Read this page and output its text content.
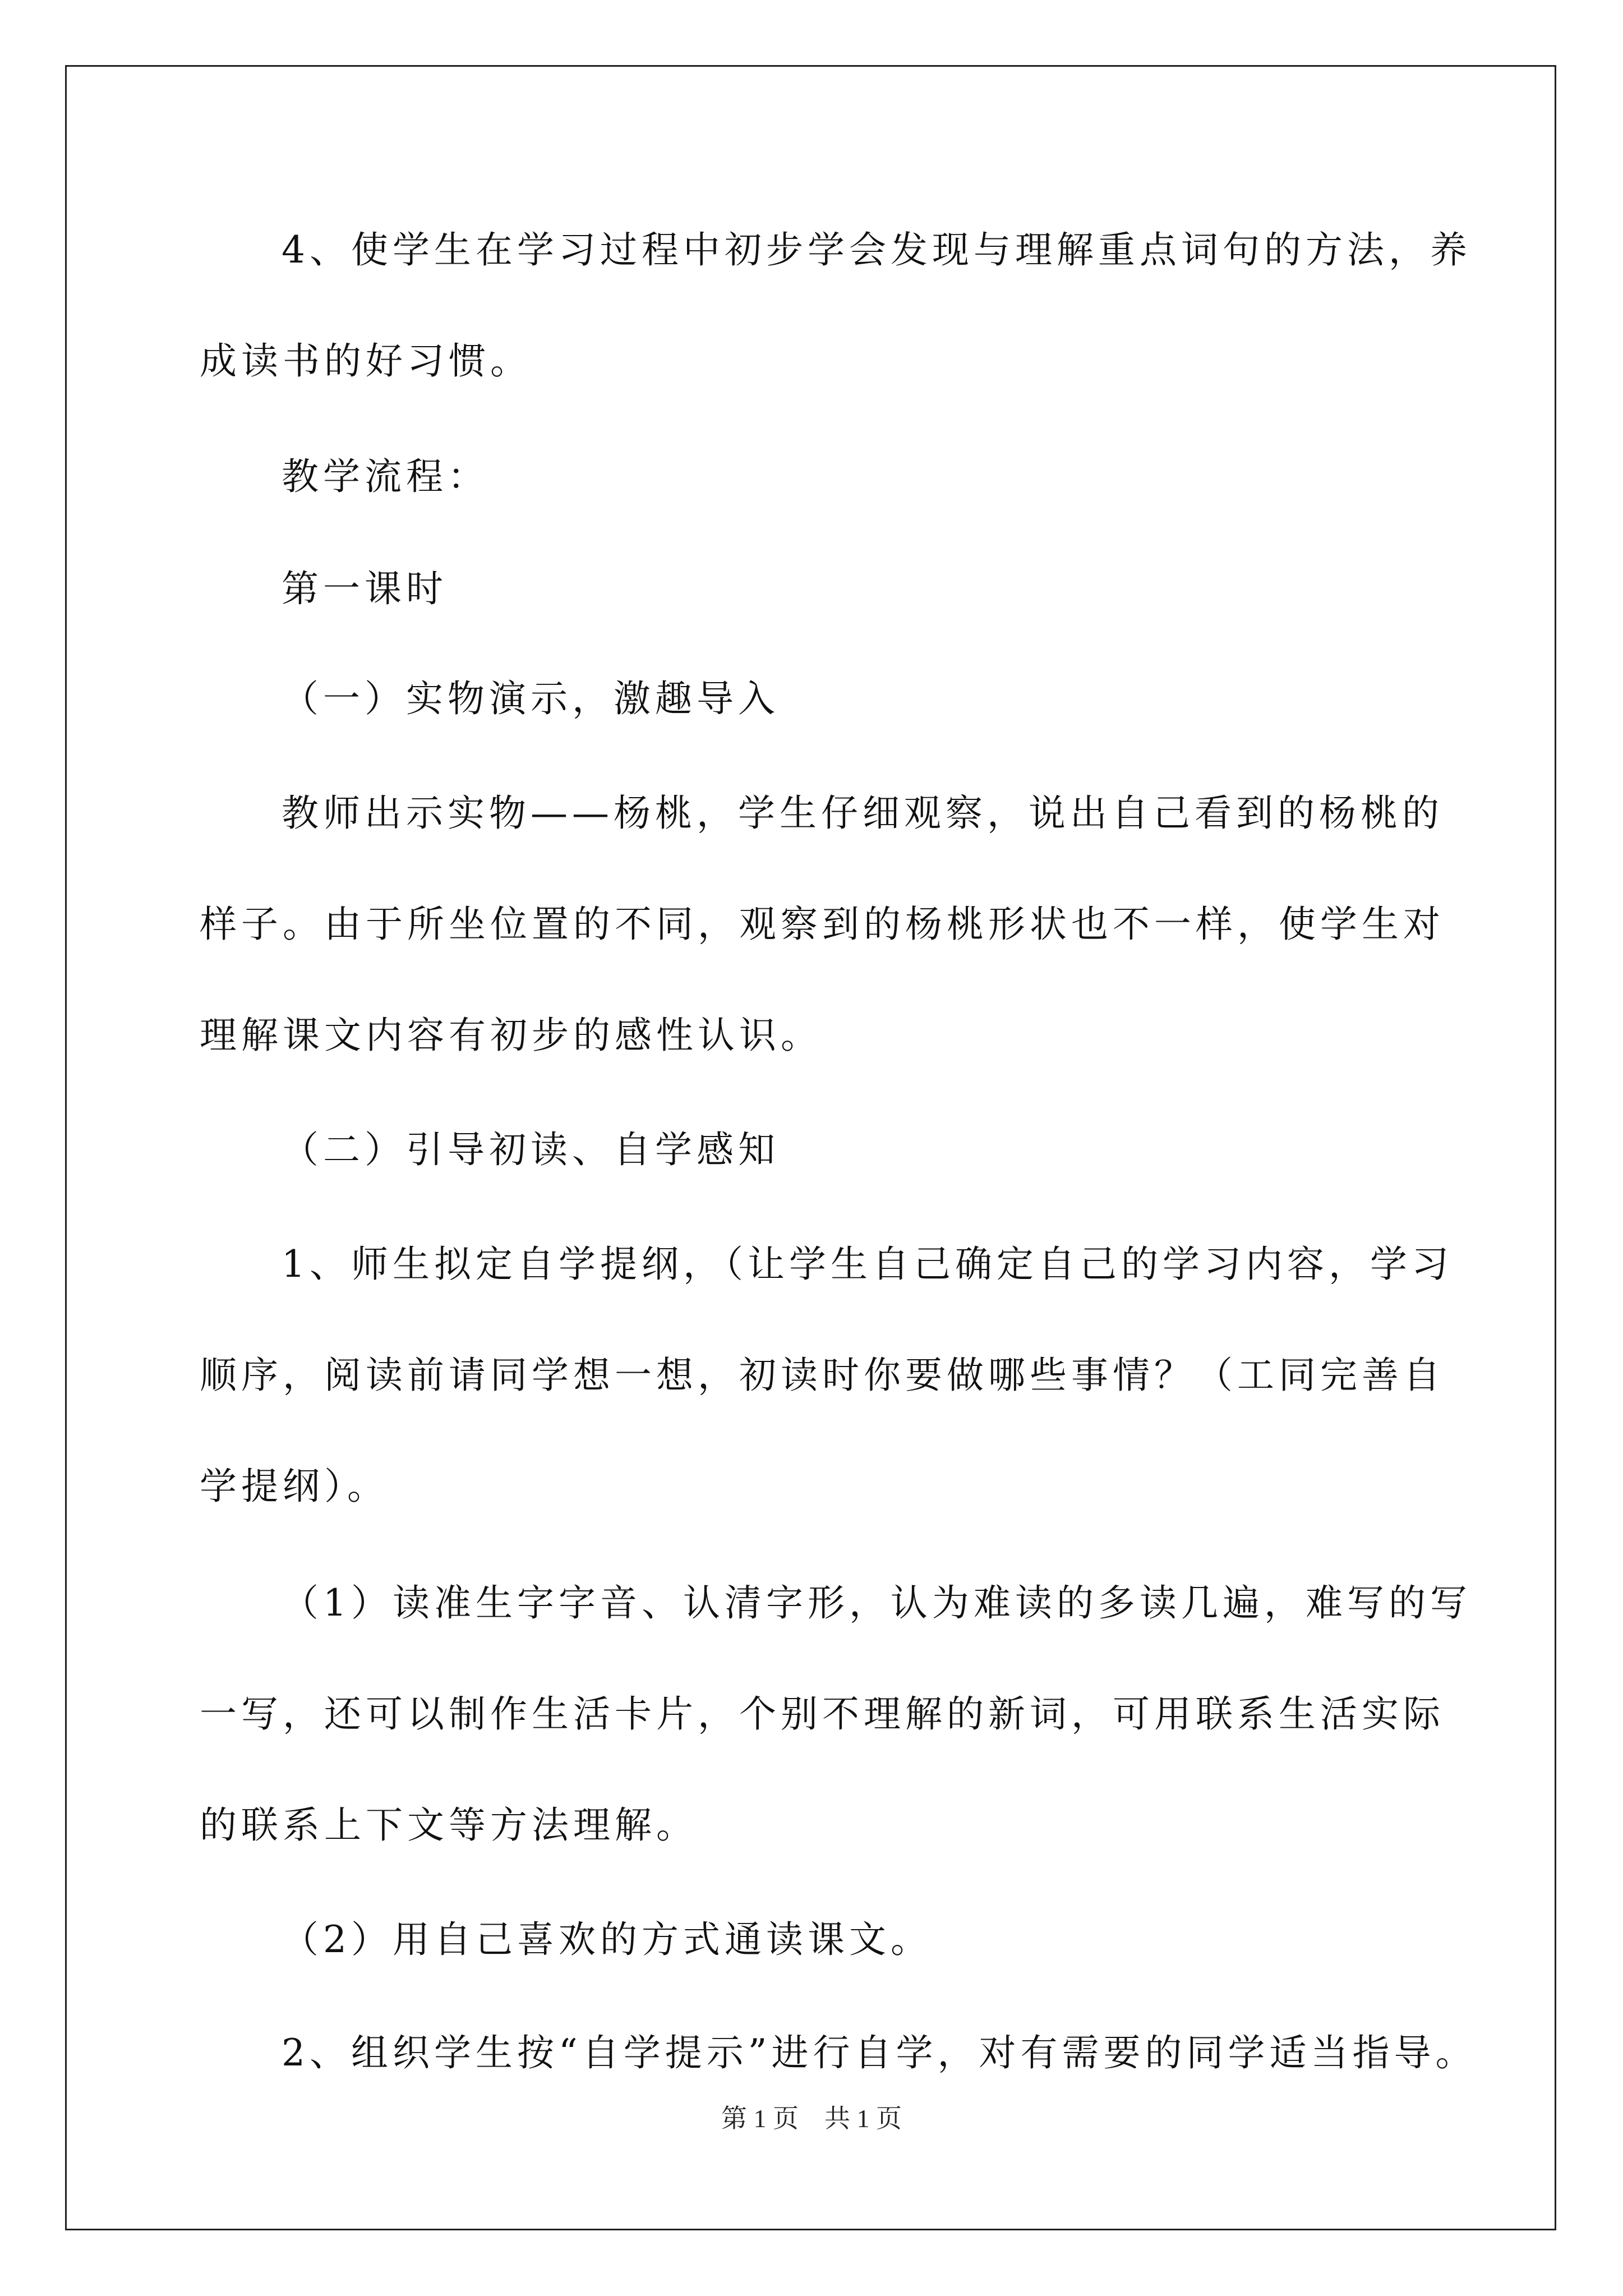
4、使学生在学习过程中初步学会发现与理解重点词句的方法，养
成读书的好习惯。

教学流程：

第一课时

（一）实物演示，激趣导入

教师出示实物——杨桃，学生仔细观察，说出自己看到的杨桃的
样子。由于所坐位置的不同，观察到的杨桃形状也不一样，使学生对
理解课文内容有初步的感性认识。

（二）引导初读、自学感知

1、师生拟定自学提纲，（让学生自己确定自己的学习内容，学习
顺序，阅读前请同学想一想，初读时你要做哪些事情？（工同完善自
学提纲）。

（1）读准生字字音、认清字形，认为难读的多读几遍，难写的写
一写，还可以制作生活卡片，个别不理解的新词，可用联系生活实际
的联系上下文等方法理解。

（2）用自己喜欢的方式通读课文。

2、组织学生按“自学提示”进行自学，对有需要的同学适当指导。

第 1 页　共 1 页
